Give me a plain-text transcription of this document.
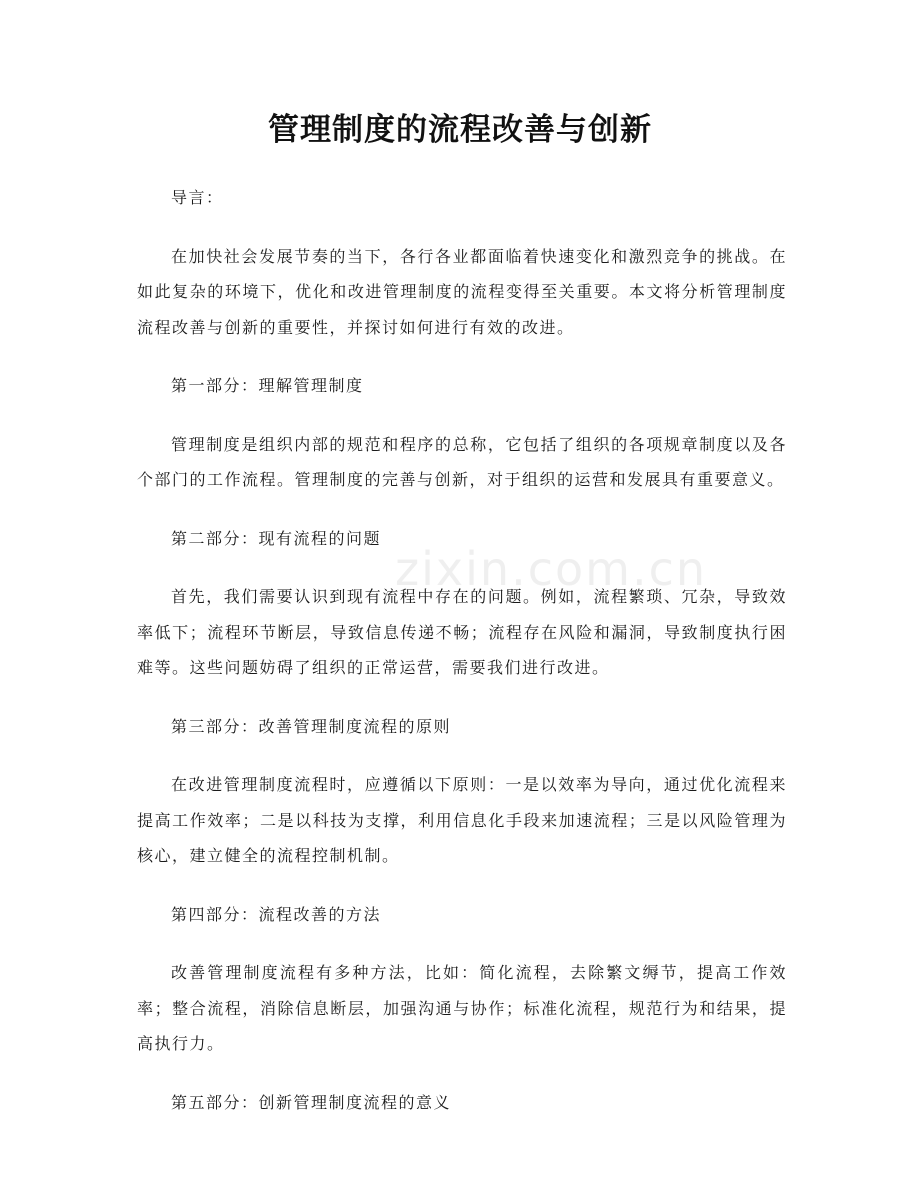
zixin.com.cn
管理制度的流程改善与创新

导言：

在加快社会发展节奏的当下，各行各业都面临着快速变化和激烈竞争的挑战。在如此复杂的环境下，优化和改进管理制度的流程变得至关重要。本文将分析管理制度流程改善与创新的重要性，并探讨如何进行有效的改进。

第一部分：理解管理制度

管理制度是组织内部的规范和程序的总称，它包括了组织的各项规章制度以及各个部门的工作流程。管理制度的完善与创新，对于组织的运营和发展具有重要意义。

第二部分：现有流程的问题

首先，我们需要认识到现有流程中存在的问题。例如，流程繁琐、冗杂，导致效率低下；流程环节断层，导致信息传递不畅；流程存在风险和漏洞，导致制度执行困难等。这些问题妨碍了组织的正常运营，需要我们进行改进。

第三部分：改善管理制度流程的原则

在改进管理制度流程时，应遵循以下原则：一是以效率为导向，通过优化流程来提高工作效率；二是以科技为支撑，利用信息化手段来加速流程；三是以风险管理为核心，建立健全的流程控制机制。

第四部分：流程改善的方法

改善管理制度流程有多种方法，比如：简化流程，去除繁文缛节，提高工作效率；整合流程，消除信息断层，加强沟通与协作；标准化流程，规范行为和结果，提高执行力。

第五部分：创新管理制度流程的意义
